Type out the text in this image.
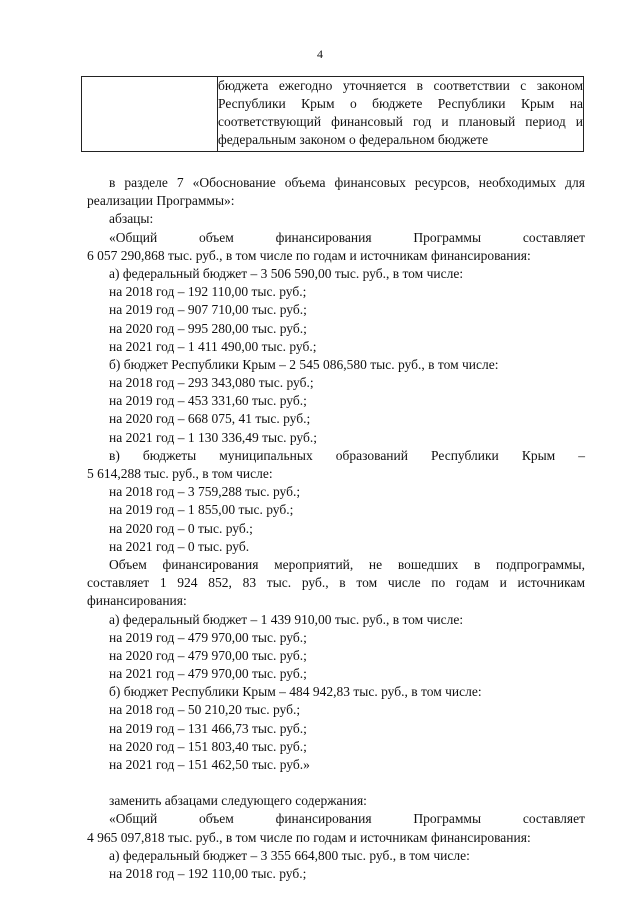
4

бюджета ежегодно уточняется в соответствии с законом
Республики Крым о бюджете Республики Крым на
соответствующий финансовый год и плановый период и
федеральным законом о федеральном бюджете
в разделе 7 «Обоснование объема финансовых ресурсов, необходимых для
реализации Программы»:
абзацы:
«Общий объем финансирования Программы составляет
6 057 290,868 тыс. руб., в том числе по годам и источникам финансирования:
а) федеральный бюджет – 3 506 590,00 тыс. руб., в том числе:
на 2018 год – 192 110,00 тыс. руб.;
на 2019 год – 907 710,00 тыс. руб.;
на 2020 год – 995 280,00 тыс. руб.;
на 2021 год – 1 411 490,00 тыс. руб.;
б) бюджет Республики Крым – 2 545 086,580 тыс. руб., в том числе:
на 2018 год – 293 343,080 тыс. руб.;
на 2019 год – 453 331,60 тыс. руб.;
на 2020 год – 668 075, 41 тыс. руб.;
на 2021 год – 1 130 336,49 тыс. руб.;
в) бюджеты муниципальных образований Республики Крым –
5 614,288 тыс. руб., в том числе:
на 2018 год – 3 759,288 тыс. руб.;
на 2019 год – 1 855,00 тыс. руб.;
на 2020 год – 0 тыс. руб.;
на 2021 год – 0 тыс. руб.
Объем финансирования мероприятий, не вошедших в подпрограммы,
составляет 1 924 852, 83 тыс. руб., в том числе по годам и источникам
финансирования:
а) федеральный бюджет – 1 439 910,00 тыс. руб., в том числе:
на 2019 год – 479 970,00 тыс. руб.;
на 2020 год – 479 970,00 тыс. руб.;
на 2021 год – 479 970,00 тыс. руб.;
б) бюджет Республики Крым – 484 942,83 тыс. руб., в том числе:
на 2018 год – 50 210,20 тыс. руб.;
на 2019 год – 131 466,73 тыс. руб.;
на 2020 год – 151 803,40 тыс. руб.;
на 2021 год – 151 462,50 тыс. руб.»
заменить абзацами следующего содержания:
«Общий объем финансирования Программы составляет
4 965 097,818 тыс. руб., в том числе по годам и источникам финансирования:
а) федеральный бюджет – 3 355 664,800 тыс. руб., в том числе:
на 2018 год – 192 110,00 тыс. руб.;
